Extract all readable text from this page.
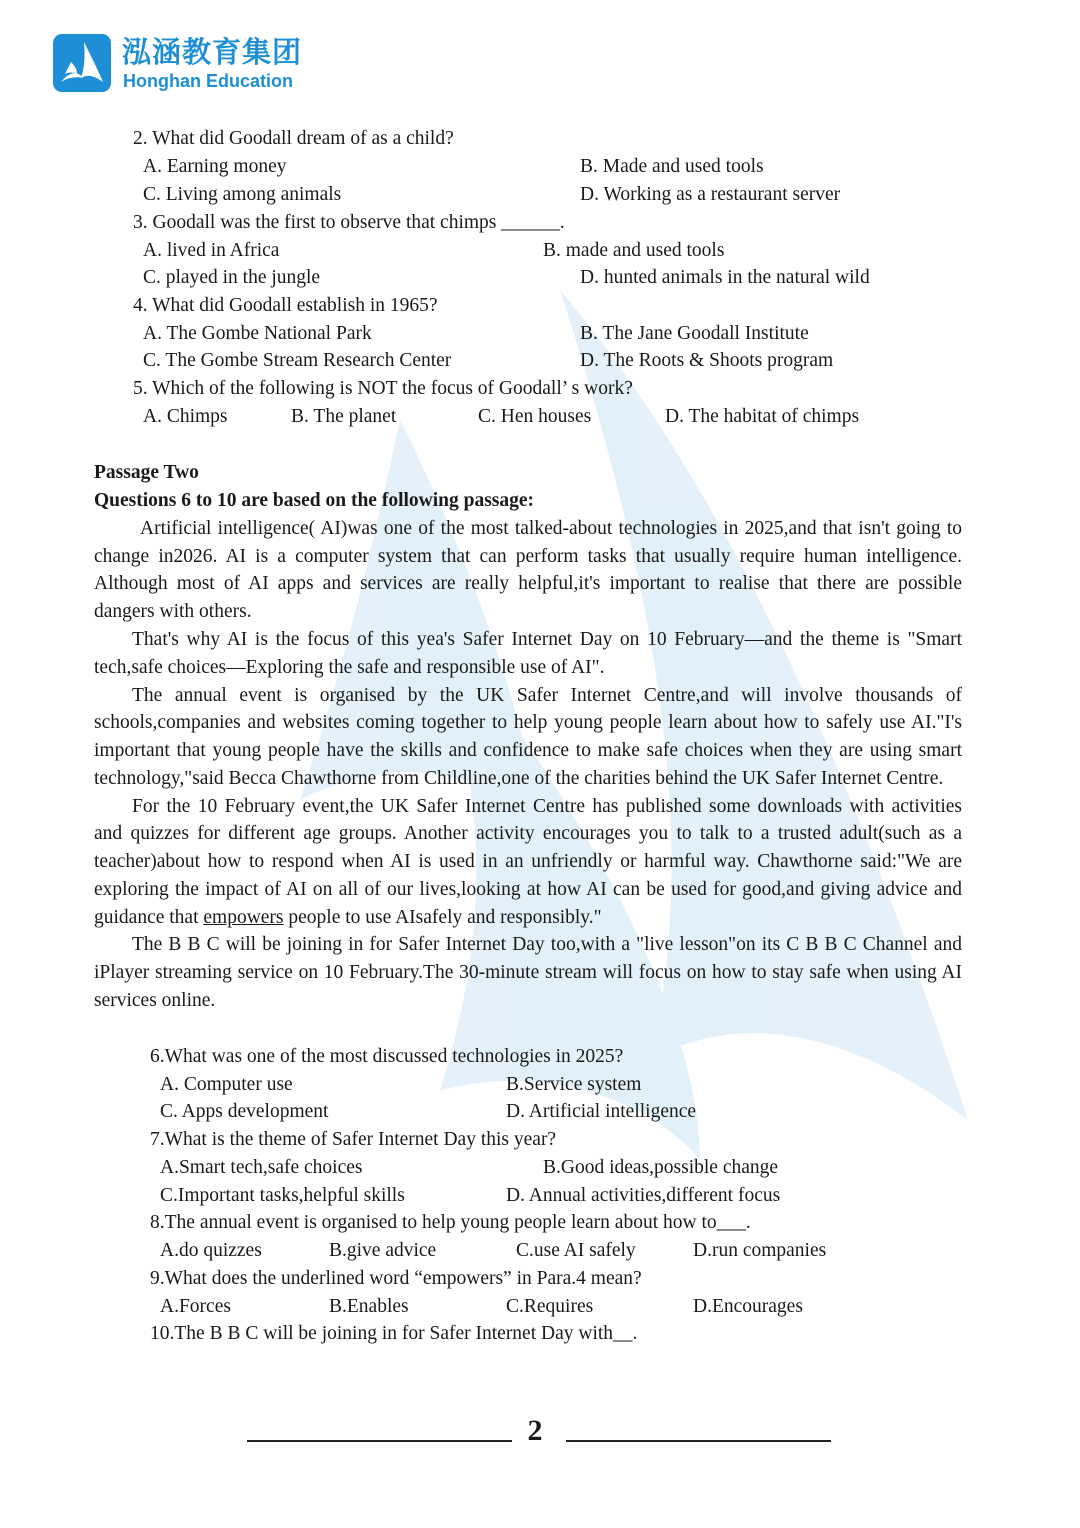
泓涵教育集团
Honghan Education
2. What did Goodall dream of as a child?
A. Earning money	B. Made and used tools
C. Living among animals	D. Working as a restaurant server
3. Goodall was the first to observe that chimps ______.
A. lived in Africa	B. made and used tools
C. played in the jungle	D. hunted animals in the natural wild
4. What did Goodall establish in 1965?
A. The Gombe National Park	B. The Jane Goodall Institute
C. The Gombe Stream Research Center	D. The Roots & Shoots program
5. Which of the following is NOT the focus of Goodall’ s work?
A. Chimps	B. The planet	C. Hen houses	D. The habitat of chimps
Passage Two
Questions 6 to 10 are based on the following passage:
Artificial intelligence( AI)was one of the most talked-about technologies in 2025,and that isn't going to
change in2026. AI is a computer system that can perform tasks that usually require human intelligence.
Although most of AI apps and services are really helpful,it's important to realise that there are possible
dangers with others.
That's why AI is the focus of this yea's Safer Internet Day on 10 February—and the theme is "Smart
tech,safe choices—Exploring the safe and responsible use of AI".
The annual event is organised by the UK Safer Internet Centre,and will involve thousands of
schools,companies and websites coming together to help young people learn about how to safely use AI."I's
important that young people have the skills and confidence to make safe choices when they are using smart
technology,"said Becca Chawthorne from Childline,one of the charities behind the UK Safer Internet Centre.
For the 10 February event,the UK Safer Internet Centre has published some downloads with activities
and quizzes for different age groups. Another activity encourages you to talk to a trusted adult(such as a
teacher)about how to respond when AI is used in an unfriendly or harmful way. Chawthorne said:"We are
exploring the impact of AI on all of our lives,looking at how AI can be used for good,and giving advice and
guidance that empowers people to use AIsafely and responsibly."
The B B C will be joining in for Safer Internet Day too,with a "live lesson"on its C B B C Channel and
iPlayer streaming service on 10 February.The 30-minute stream will focus on how to stay safe when using AI
services online.
6.What was one of the most discussed technologies in 2025?
A. Computer use	B.Service system
C. Apps development	D. Artificial intelligence
7.What is the theme of Safer Internet Day this year?
A.Smart tech,safe choices	B.Good ideas,possible change
C.Important tasks,helpful skills	D. Annual activities,different focus
8.The annual event is organised to help young people learn about how to___.
A.do quizzes	B.give advice	C.use AI safely	D.run companies
9.What does the underlined word “empowers” in Para.4 mean?
A.Forces	B.Enables	C.Requires	D.Encourages
10.The B B C will be joining in for Safer Internet Day with__.
2
